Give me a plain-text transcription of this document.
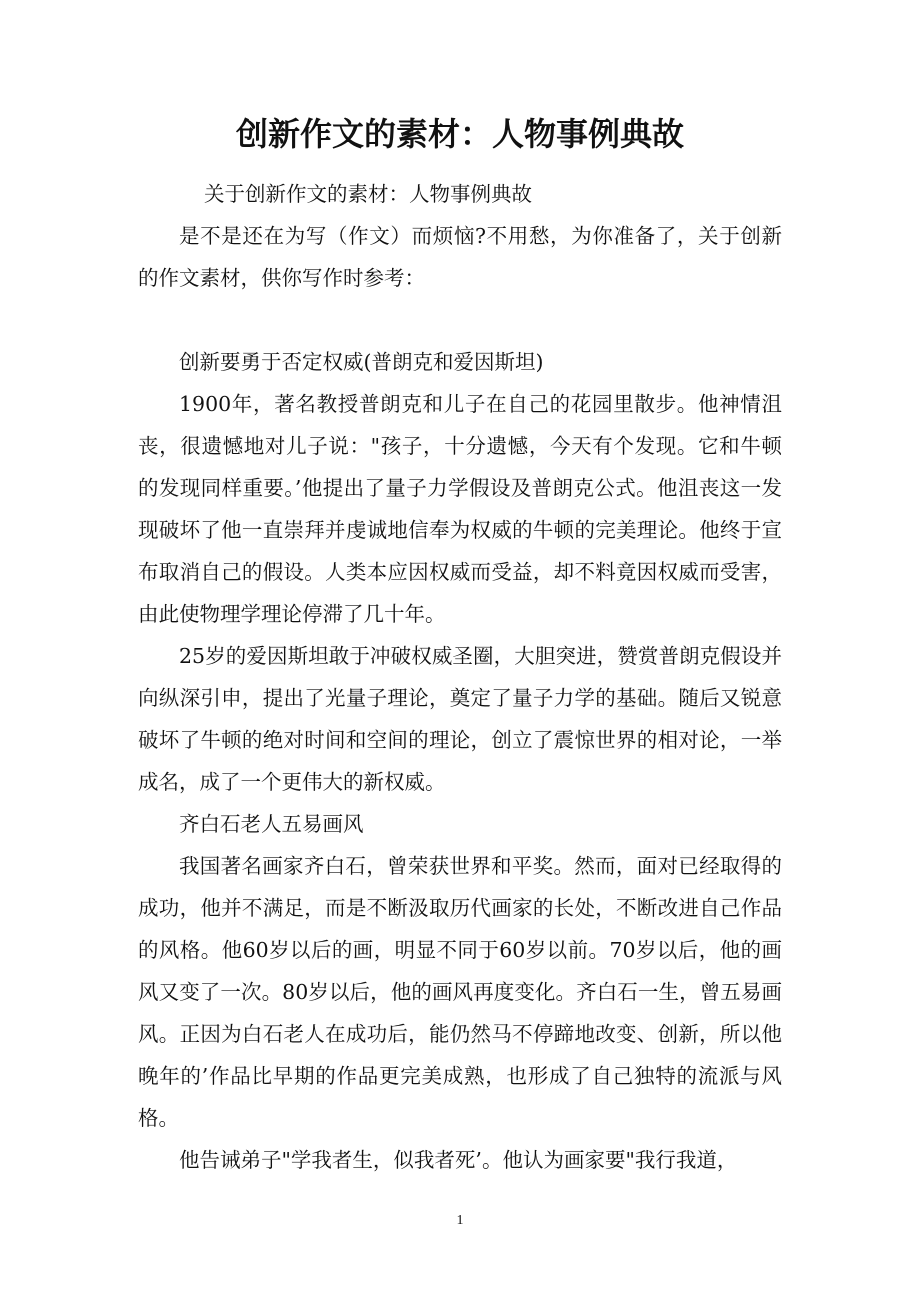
创新作文的素材：人物事例典故

关于创新作文的素材：人物事例典故

是不是还在为写（作文）而烦恼?不用愁，为你准备了，关于创新的作文素材，供你写作时参考：

创新要勇于否定权威(普朗克和爱因斯坦)

1900年，著名教授普朗克和儿子在自己的花园里散步。他神情沮丧，很遗憾地对儿子说："孩子，十分遗憾，今天有个发现。它和牛顿的发现同样重要。’他提出了量子力学假设及普朗克公式。他沮丧这一发现破坏了他一直崇拜并虔诚地信奉为权威的牛顿的完美理论。他终于宣布取消自己的假设。人类本应因权威而受益，却不料竟因权威而受害，由此使物理学理论停滞了几十年。

25岁的爱因斯坦敢于冲破权威圣圈，大胆突进，赞赏普朗克假设并向纵深引申，提出了光量子理论，奠定了量子力学的基础。随后又锐意破坏了牛顿的绝对时间和空间的理论，创立了震惊世界的相对论，一举成名，成了一个更伟大的新权威。

齐白石老人五易画风

我国著名画家齐白石，曾荣获世界和平奖。然而，面对已经取得的成功，他并不满足，而是不断汲取历代画家的长处，不断改进自己作品的风格。他60岁以后的画，明显不同于60岁以前。70岁以后，他的画风又变了一次。80岁以后，他的画风再度变化。齐白石一生，曾五易画风。正因为白石老人在成功后，能仍然马不停蹄地改变、创新，所以他晚年的’作品比早期的作品更完美成熟，也形成了自己独特的流派与风格。

他告诫弟子"学我者生，似我者死’。他认为画家要"我行我道，

1
